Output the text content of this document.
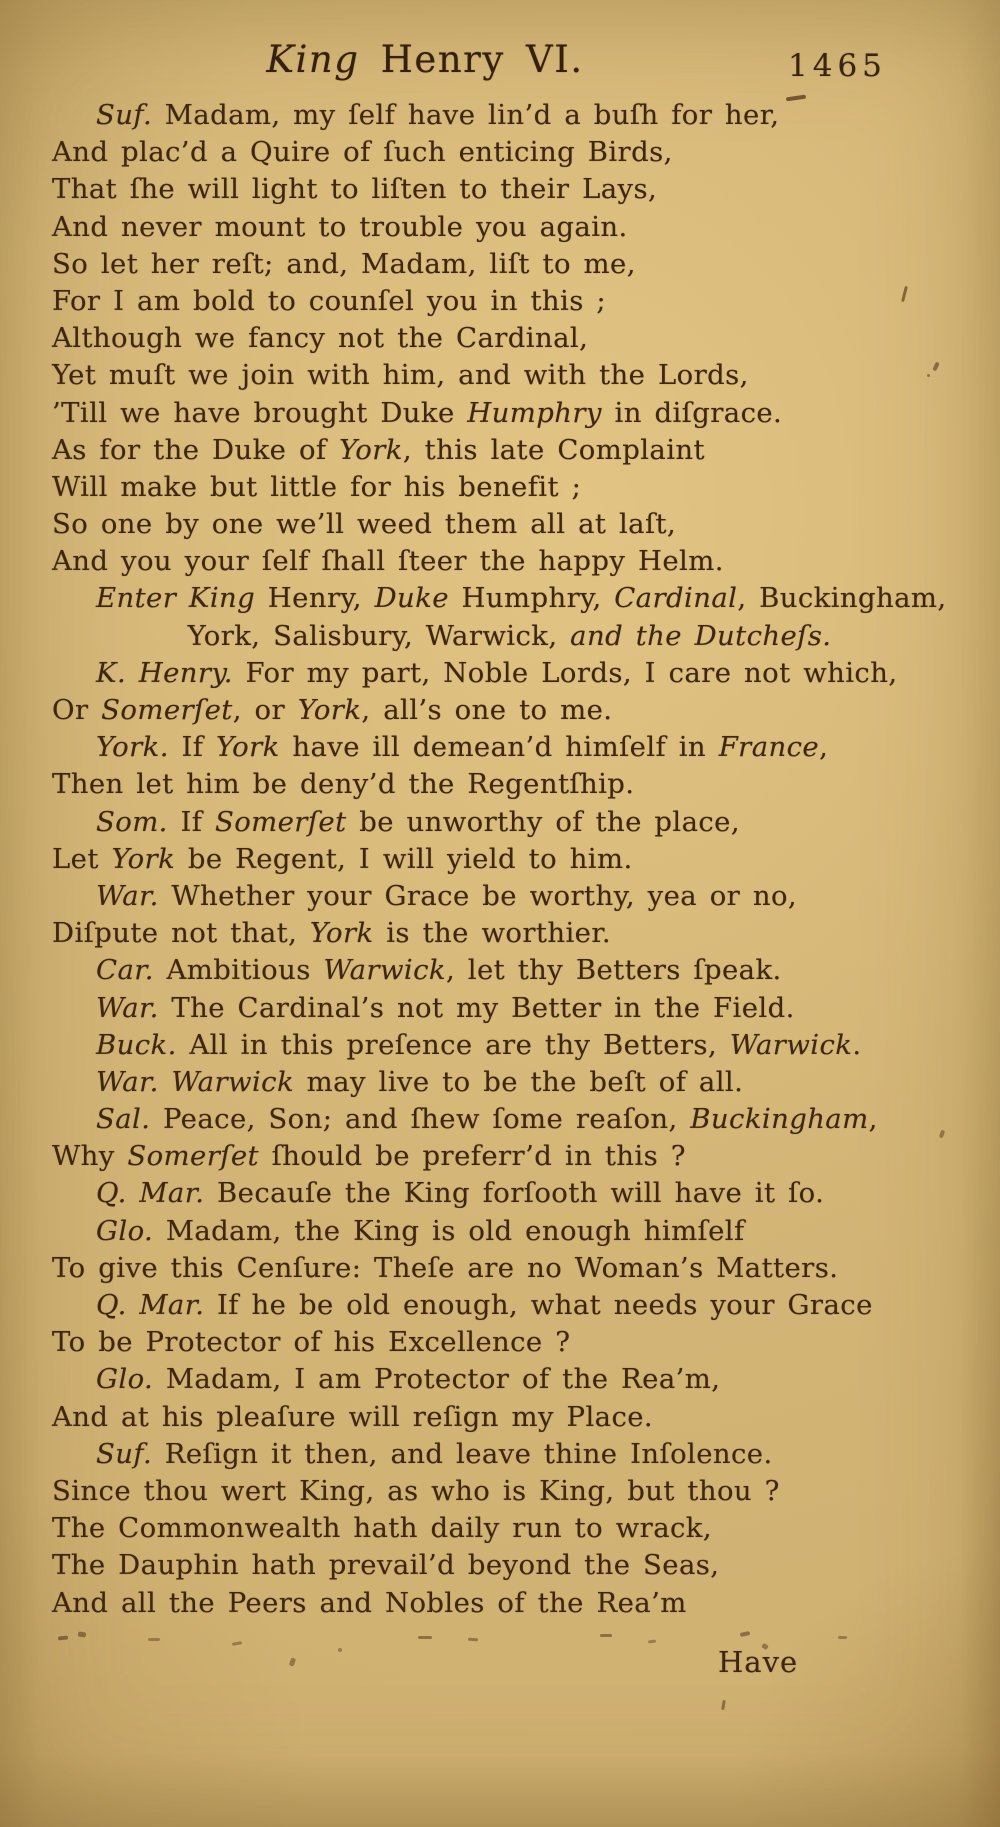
King Henry VI.	1465
Suf. Madam, my ſelf have lin’d a buſh for her,
And plac’d a Quire of ſuch enticing Birds,
That ſhe will light to liſten to their Lays,
And never mount to trouble you again.
So let her reſt; and, Madam, liſt to me,
For I am bold to counſel you in this ;
Although we fancy not the Cardinal,
Yet muſt we join with him, and with the Lords,
’Till we have brought Duke Humphry in diſgrace.
As for the Duke of York, this late Complaint
Will make but little for his benefit ;
So one by one we’ll weed them all at laſt,
And you your ſelf ſhall ſteer the happy Helm.
Enter King Henry, Duke Humphry, Cardinal, Buckingham,
York, Salisbury, Warwick, and the Dutcheſs.
K. Henry. For my part, Noble Lords, I care not which,
Or Somerſet, or York, all’s one to me.
York. If York have ill demean’d himſelf in France,
Then let him be deny’d the Regentſhip.
Som. If Somerſet be unworthy of the place,
Let York be Regent, I will yield to him.
War. Whether your Grace be worthy, yea or no,
Diſpute not that, York is the worthier.
Car. Ambitious Warwick, let thy Betters ſpeak.
War. The Cardinal’s not my Better in the Field.
Buck. All in this preſence are thy Betters, Warwick.
War. Warwick may live to be the beſt of all.
Sal. Peace, Son; and ſhew ſome reaſon, Buckingham,
Why Somerſet ſhould be preferr’d in this ?
Q. Mar. Becauſe the King forſooth will have it ſo.
Glo. Madam, the King is old enough himſelf
To give this Cenſure: Theſe are no Woman’s Matters.
Q. Mar. If he be old enough, what needs your Grace
To be Protector of his Excellence ?
Glo. Madam, I am Protector of the Rea’m,
And at his pleaſure will reſign my Place.
Suf. Reſign it then, and leave thine Inſolence.
Since thou wert King, as who is King, but thou ?
The Commonwealth hath daily run to wrack,
The Dauphin hath prevail’d beyond the Seas,
And all the Peers and Nobles of the Rea’m
Have
